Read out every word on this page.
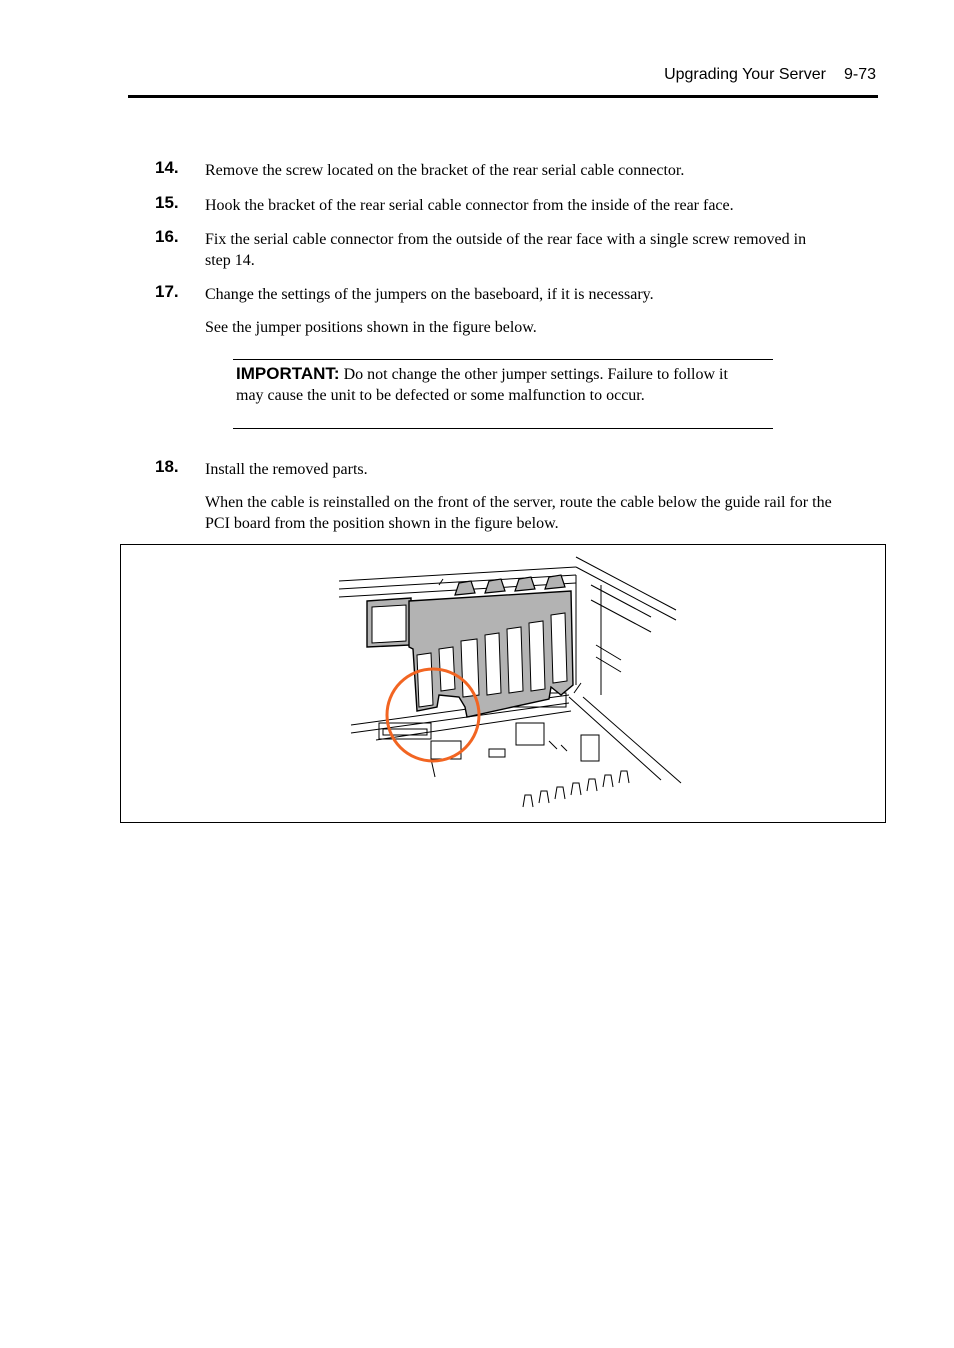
Upgrading Your Server 9-73
14. Remove the screw located on the bracket of the rear serial cable connector.
15. Hook the bracket of the rear serial cable connector from the inside of the rear face.
16. Fix the serial cable connector from the outside of the rear face with a single screw removed in step 14.
17. Change the settings of the jumpers on the baseboard, if it is necessary.
See the jumper positions shown in the figure below.
IMPORTANT: Do not change the other jumper settings. Failure to follow it may cause the unit to be defected or some malfunction to occur.
18. Install the removed parts.
When the cable is reinstalled on the front of the server, route the cable below the guide rail for the PCI board from the position shown in the figure below.
